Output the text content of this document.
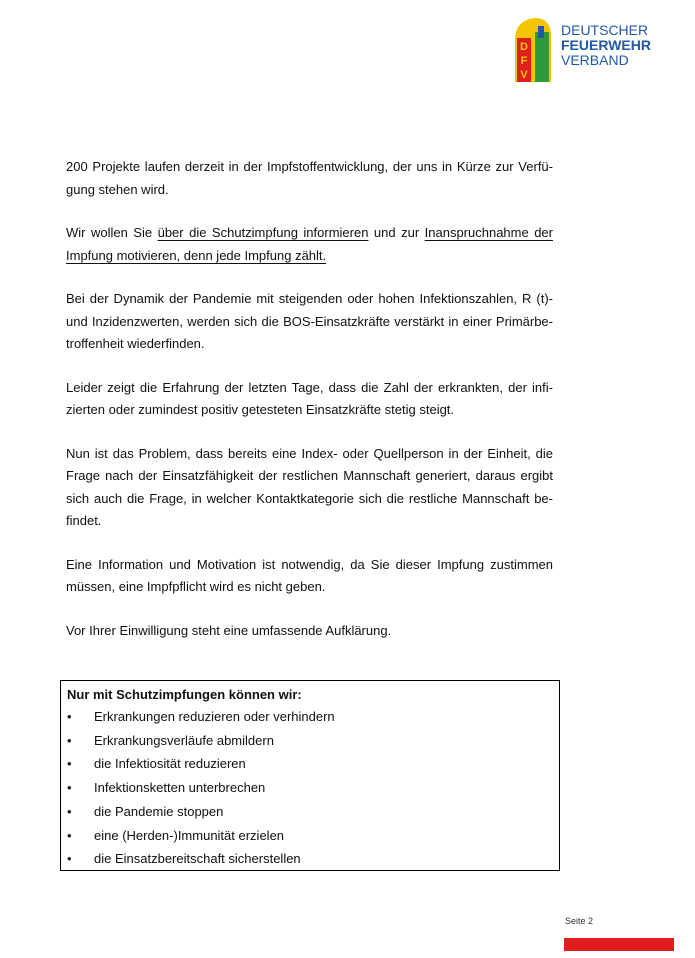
D
F
V
DEUTSCHER
FEUERWEHR
VERBAND

200 Projekte laufen derzeit in der Impfstoffentwicklung, der uns in Kürze zur Verfü-gung stehen wird.

Wir wollen Sie über die Schutzimpfung informieren und zur Inanspruchnahme der Impfung motivieren, denn jede Impfung zählt.

Bei der Dynamik der Pandemie mit steigenden oder hohen Infektionszahlen, R (t)- und Inzidenzwerten, werden sich die BOS-Einsatzkräfte verstärkt in einer Primärbe-troffenheit wiederfinden.

Leider zeigt die Erfahrung der letzten Tage, dass die Zahl der erkrankten, der infi-zierten oder zumindest positiv getesteten Einsatzkräfte stetig steigt.

Nun ist das Problem, dass bereits eine Index- oder Quellperson in der Einheit, die Frage nach der Einsatzfähigkeit der restlichen Mannschaft generiert, daraus ergibt sich auch die Frage, in welcher Kontaktkategorie sich die restliche Mannschaft be-findet.

Eine Information und Motivation ist notwendig, da Sie dieser Impfung zustimmen müssen, eine Impfpflicht wird es nicht geben.

Vor Ihrer Einwilligung steht eine umfassende Aufklärung.

Nur mit Schutzimpfungen können wir:
•	Erkrankungen reduzieren oder verhindern
•	Erkrankungsverläufe abmildern
•	die Infektiosität reduzieren
•	Infektionsketten unterbrechen
•	die Pandemie stoppen
•	eine (Herden-)Immunität erzielen
•	die Einsatzbereitschaft sicherstellen
Seite 2
